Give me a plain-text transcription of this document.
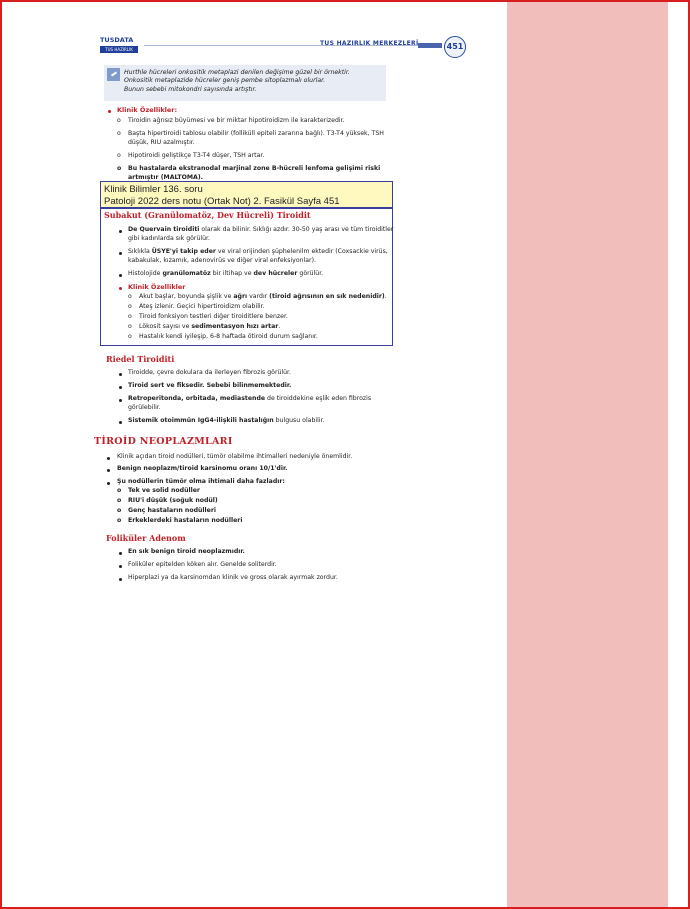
TUSDATA
TUS HAZIRLIK MERKEZLERİ
TUS HAZIRLIK MERKEZLERİ	451
Hurthle hücreleri onkositik metaplazi denilen değişime güzel bir örnektir.
Onkositik metaplazide hücreler geniş pembe sitoplazmalı olurlar.
Bunun sebebi mitokondri sayısında artıştır.
Klinik Özellikler:
o Tiroidin ağrısız büyümesi ve bir miktar hipotiroidizm ile karakterizedir.
o Başta hipertiroidi tablosu olabilir (folliküll epiteli zararına bağlı). T3-T4 yüksek, TSH
düşük, RIU azalmıştır.
o Hipotiroidi geliştikçe T3-T4 düşer, TSH artar.
o Bu hastalarda ekstranodal marjinal zone B-hücreli lenfoma gelişimi riski
artmıştır (MALTOMA).
Klinik Bilimler 136. soru
Patoloji 2022 ders notu (Ortak Not) 2. Fasikül Sayfa 451
Subakut (Granülomatöz, Dev Hücreli) Tiroidit
De Quervain tiroiditi olarak da bilinir. Sıklığı azdır. 30-50 yaş arası ve tüm tiroiditler
gibi kadınlarda sık görülür.
Sıklıkla ÜSYE'yi takip eder ve viral orijinden şüphelenilm ektedir (Coxsackie virüs,
kabakulak, kızamık, adenovirüs ve diğer viral enfeksiyonlar).
Histolojide granülomatöz bir iltihap ve dev hücreler görülür.
Klinik Özellikler
o Akut başlar, boyunda şişlik ve ağrı vardır (tiroid ağrısının en sık nedenidir).
o Ateş izlenir. Geçici hipertiroidizm olabilir.
o Tiroid fonksiyon testleri diğer tiroiditlere benzer.
o Lökosit sayısı ve sedimentasyon hızı artar.
o Hastalık kendi iyileşip, 6-8 haftada ötiroid durum sağlanır.
Riedel Tiroiditi
Tiroidde, çevre dokulara da ilerleyen fibrozis görülür.
Tiroid sert ve fiksedir. Sebebi bilinmemektedir.
Retroperitonda, orbitada, mediastende de tiroiddekine eşlik eden fibrozis
görülebilir.
Sistemik otoimmün IgG4-ilişkili hastalığın bulgusu olabilir.
TİROİD NEOPLAZMLARI
Klinik açıdan tiroid nodülleri, tümör olabilme ihtimalleri nedeniyle önemlidir.
Benign neoplazm/tiroid karsinomu oranı 10/1'dir.
Şu nodüllerin tümör olma ihtimali daha fazladır:
o Tek ve solid nodüller
o RIU'i düşük (soğuk nodül)
o Genç hastaların nodülleri
o Erkeklerdeki hastaların nodülleri
Foliküler Adenom
En sık benign tiroid neoplazmıdır.
Foliküler epitelden köken alır. Genelde soliterdir.
Hiperplazi ya da karsinomdan klinik ve gross olarak ayırmak zordur.
